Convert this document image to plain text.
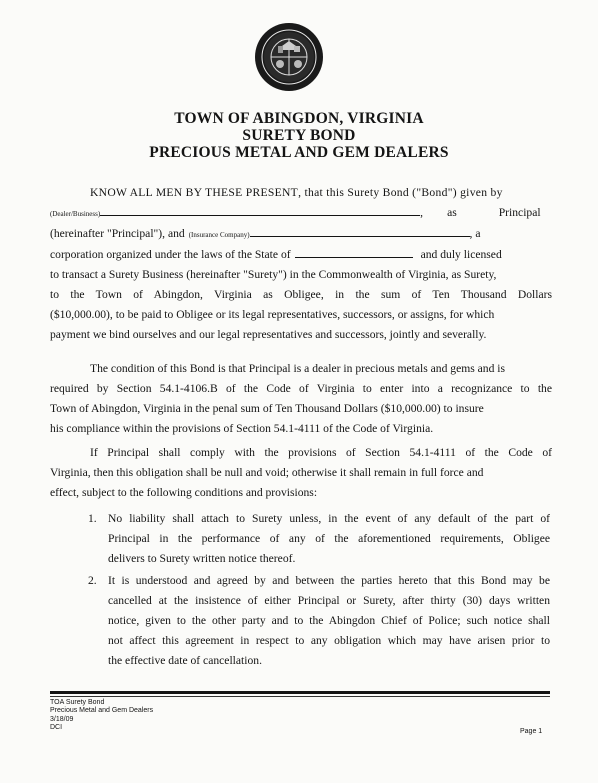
TOWN OF ABINGDON, VIRGINIA
SURETY BOND
PRECIOUS METAL AND GEM DEALERS
KNOW ALL MEN BY THESE PRESENT , that this Surety Bond ("Bond") given by
(Dealer/Business)	, as	Principal
(hereinafter "Principal"), and (Insurance Company)	, a
corporation organized under the laws of the State of	and duly licensed
to transact a Surety Business (hereinafter "Surety") in the Commonwealth of Virginia, as Surety,
to the Town of Abingdon, Virginia as Obligee, in the sum of Ten Thousand Dollars
($10,000.00), to be paid to Obligee or its legal representatives, successors, or assigns, for which
payment we bind ourselves and our legal representatives and successors, jointly and severally.
The condition of this Bond is that Principal is a dealer in precious metals and gems and is
required by Section 54.1-4106.B of the Code of Virginia to enter into a recognizance to the
Town of Abingdon, Virginia in the penal sum of Ten Thousand Dollars ($10,000.00) to insure
his compliance within the provisions of Section 54.1-4111 of the Code of Virginia.
If Principal shall comply with the provisions of Section 54.1-4111 of the Code of
Virginia, then this obligation shall be null and void; otherwise it shall remain in full force and
effect, subject to the following conditions and provisions:
1. No liability shall attach to Surety unless, in the event of any default of the part of
Principal in the performance of any of the aforementioned requirements, Obligee
delivers to Surety written notice thereof.
2. It is understood and agreed by and between the parties hereto that this Bond may be
cancelled at the insistence of either Principal or Surety, after thirty (30) days written
notice, given to the other party and to the Abingdon Chief of Police; such notice shall
not affect this agreement in respect to any obligation which may have arisen prior to
the effective date of cancellation.
TOA Surety Bond
Precious Metal and Gem Dealers
3/18/09
DCI
Page 1
